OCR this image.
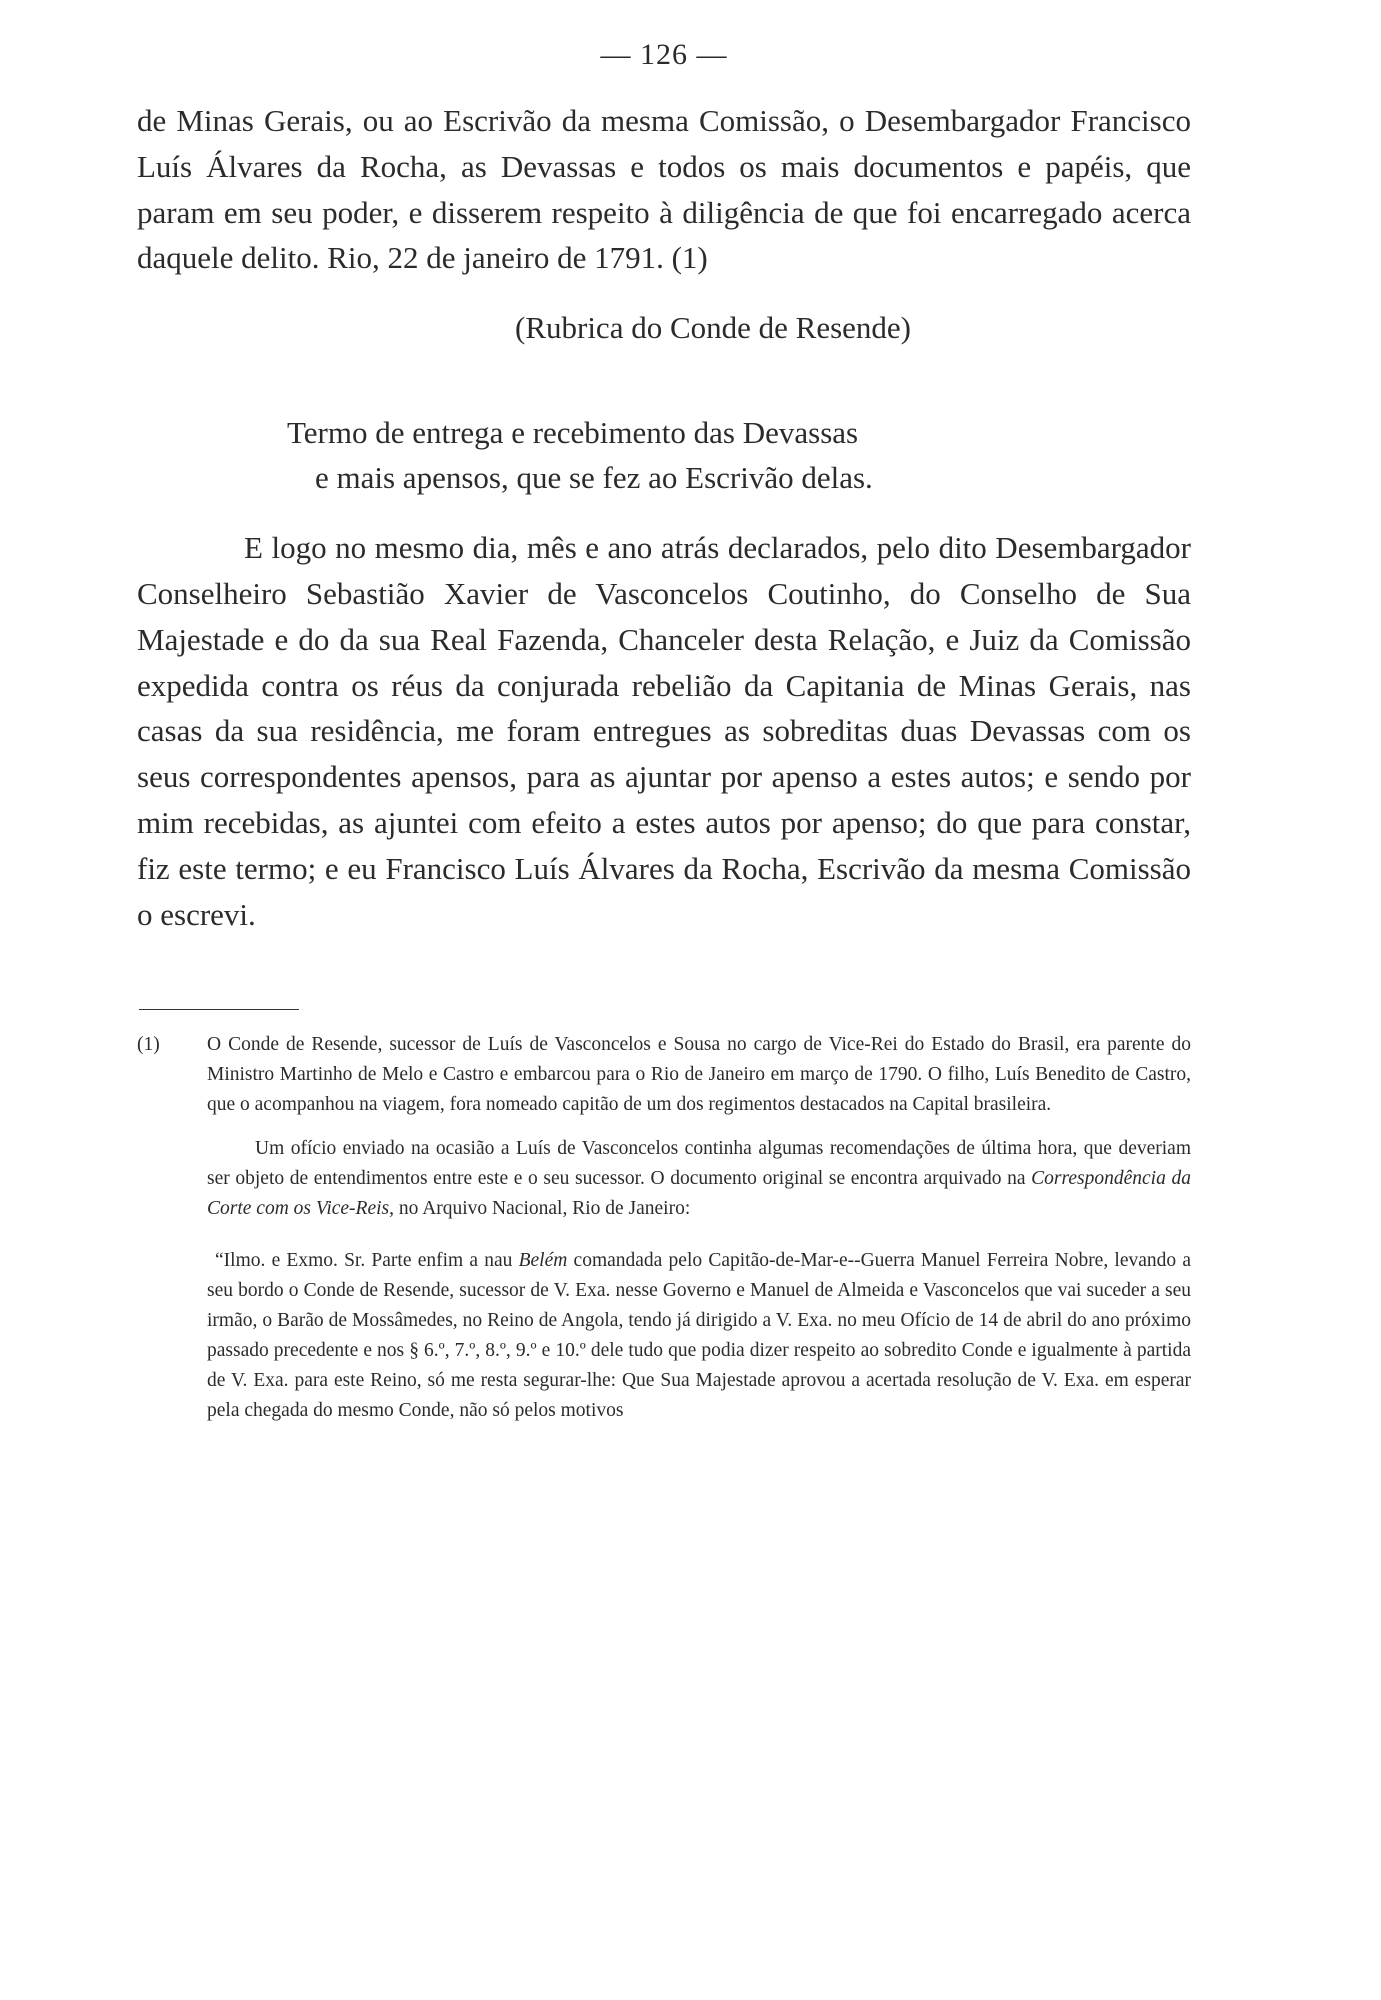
— 126 —

de Minas Gerais, ou ao Escrivão da mesma Comissão, o Desembargador Francisco Luís Álvares da Rocha, as Devassas e todos os mais documentos e papéis, que param em seu poder, e disserem respeito à diligência de que foi encarregado acerca daquele delito. Rio, 22 de janeiro de 1791. (1)

(Rubrica do Conde de Resende)
Termo de entrega e recebimento das Devassas
e mais apensos, que se fez ao Escrivão delas.

E logo no mesmo dia, mês e ano atrás declarados, pelo dito Desembargador Conselheiro Sebastião Xavier de Vasconcelos Coutinho, do Conselho de Sua Majestade e do da sua Real Fazenda, Chanceler desta Relação, e Juiz da Comissão expedida contra os réus da conjurada rebelião da Capitania de Minas Gerais, nas casas da sua residência, me foram entregues as sobreditas duas Devassas com os seus correspondentes apensos, para as ajuntar por apenso a estes autos; e sendo por mim recebidas, as ajuntei com efeito a estes autos por apenso; do que para constar, fiz este termo; e eu Francisco Luís Álvares da Rocha, Escrivão da mesma Comissão o escrevi.

(1) O Conde de Resende, sucessor de Luís de Vasconcelos e Sousa no cargo de Vice-Rei do Estado do Brasil, era parente do Ministro Martinho de Melo e Castro e embarcou para o Rio de Janeiro em março de 1790. O filho, Luís Benedito de Castro, que o acompanhou na viagem, fora nomeado capitão de um dos regimentos destacados na Capital brasileira.

Um ofício enviado na ocasião a Luís de Vasconcelos continha algumas recomendações de última hora, que deveriam ser objeto de entendimentos entre este e o seu sucessor. O documento original se encontra arquivado na Correspondência da Corte com os Vice-Reis, no Arquivo Nacional, Rio de Janeiro:

“Ilmo. e Exmo. Sr. Parte enfim a nau Belém comandada pelo Capitão-de-Mar-e--Guerra Manuel Ferreira Nobre, levando a seu bordo o Conde de Resende, sucessor de V. Exa. nesse Governo e Manuel de Almeida e Vasconcelos que vai suceder a seu irmão, o Barão de Mossâmedes, no Reino de Angola, tendo já dirigido a V. Exa. no meu Ofício de 14 de abril do ano próximo passado precedente e nos § 6.º, 7.º, 8.º, 9.º e 10.º dele tudo que podia dizer respeito ao sobredito Conde e igualmente à partida de V. Exa. para este Reino, só me resta segurar-lhe: Que Sua Majestade aprovou a acertada resolução de V. Exa. em esperar pela chegada do mesmo Conde, não só pelos motivos
